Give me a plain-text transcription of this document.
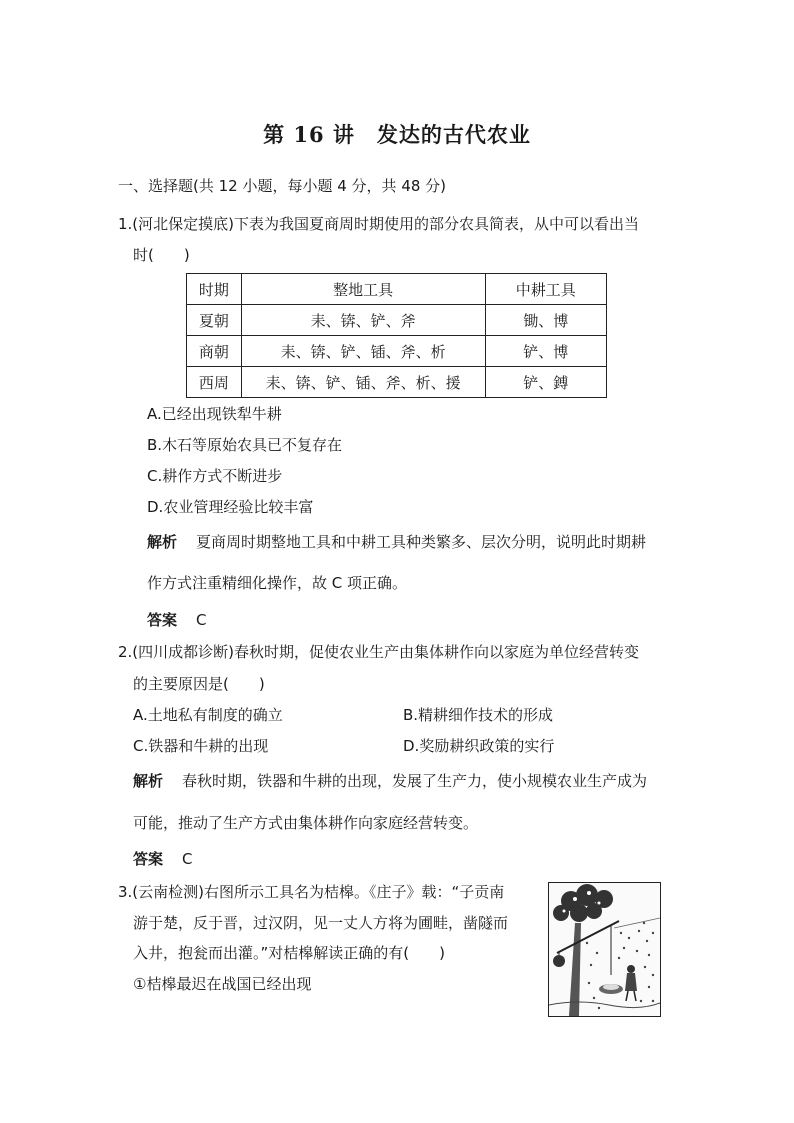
第 16 讲　发达的古代农业
一、选择题(共 12 小题，每小题 4 分，共 48 分)
1.(河北保定摸底)下表为我国夏商周时期使用的部分农具简表，从中可以看出当
时(　　)
时期	整地工具	中耕工具
夏朝	耒、锛、铲、斧	锄、博
商朝	耒、锛、铲、锸、斧、析	铲、博
西周	耒、锛、铲、锸、斧、析、援	铲、鎛
A.已经出现铁犁牛耕
B.木石等原始农具已不复存在
C.耕作方式不断进步
D.农业管理经验比较丰富
解析 夏商周时期整地工具和中耕工具种类繁多、层次分明，说明此时期耕
作方式注重精细化操作，故 C 项正确。
答案 C
2.(四川成都诊断)春秋时期，促使农业生产由集体耕作向以家庭为单位经营转变
的主要原因是(　　)
A.土地私有制度的确立	B.精耕细作技术的形成
C.铁器和牛耕的出现	D.奖励耕织政策的实行
解析 春秋时期，铁器和牛耕的出现，发展了生产力，使小规模农业生产成为
可能，推动了生产方式由集体耕作向家庭经营转变。
答案 C
3.(云南检测)右图所示工具名为桔槔。《庄子》载：“子贡南
游于楚，反于晋，过汉阴，见一丈人方将为圃畦，凿隧而
入井，抱瓮而出灌。”对桔槔解读正确的有(　　)
①桔槔最迟在战国已经出现
